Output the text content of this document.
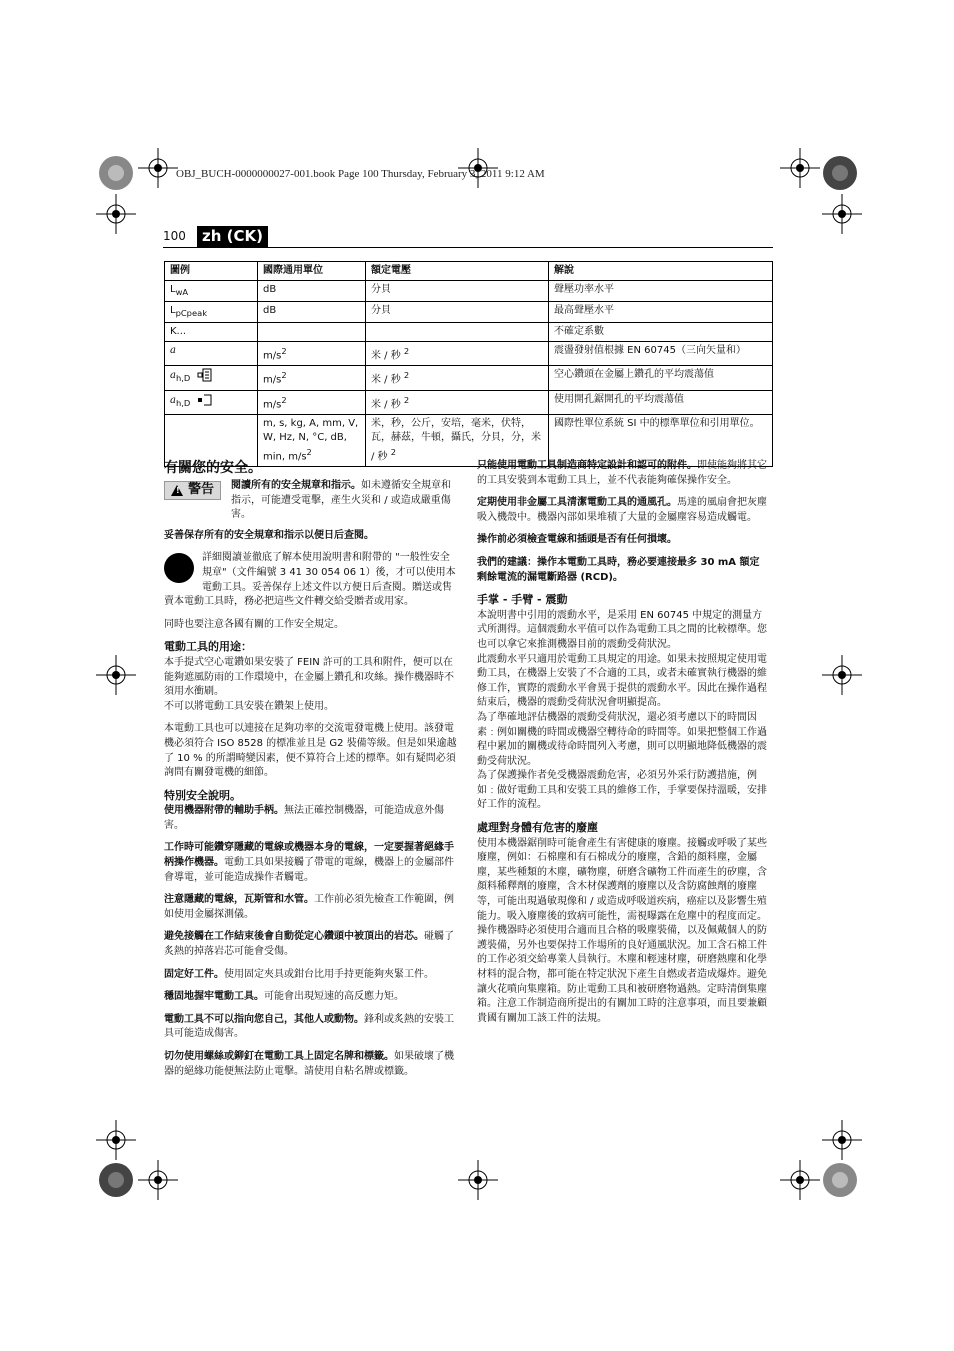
OBJ_BUCH-0000000027-001.book Page 100 Thursday, February 3, 2011 9:12 AM
100	zh (CK)
圖例	國際通用單位	額定電壓	解說
$L_{wA}$	dB	分貝	聲壓功率水平
$L_{pCpeak}$	dB	分貝	最高聲壓水平
K...			不確定系數
a	$m/s^2$	米 / 秒 $^2$	震盪發射值根據 EN 60745（三向矢量和）
$a_{h,D}$	$m/s^2$	米 / 秒 $^2$	空心鑽頭在金屬上鑽孔的平均震蕩值
$a_{h,D}$	$m/s^2$	米 / 秒 $^2$	使用開孔鋸開孔的平均震蕩值
	m, s, kg, A, mm, V, W, Hz, N, °C, dB, min, $m/s^2$	米，秒，公斤，安培，毫米，伏特，瓦，赫茲，牛頓，攝氏，分貝，分，米 / 秒 $^2$	國際性單位系統 SI 中的標準單位和引用單位。
有關您的安全。
! 警告 閱讀所有的安全規章和指示。如未遵循安全規章和指示，可能遭受電擊，產生火災和 / 或造成嚴重傷害。

妥善保存所有的安全規章和指示以便日后查閱。

詳細閱讀並徹底了解本使用說明書和附帶的 "一般性安全規章"（文件編號 3 41 30 054 06 1）後，才可以使用本電動工具。妥善保存上述文件以方便日后查閱。贈送或售賣本電動工具時，務必把這些文件轉交給受贈者或用家。

同時也要注意各國有關的工作安全規定。

電動工具的用途：

本手提式空心電鑽如果安裝了 FEIN 許可的工具和附件，便可以在能夠遮風防雨的工作環境中，在金屬上鑽孔和攻絲。操作機器時不須用水衝刷。

不可以將電動工具安裝在鑽架上使用。

本電動工具也可以連接在足夠功率的交流電發電機上使用。該發電機必須符合 ISO 8528 的標准並且是 G2 裝備等級。但是如果逾越了 10 % 的所謂畸變因素，便不算符合上述的標準。如有疑問必須詢問有關發電機的細節。

特別安全說明。

使用機器附帶的輔助手柄。無法正確控制機器，可能造成意外傷害。

工作時可能鑽穿隱藏的電線或機器本身的電線，一定要握著絕緣手柄操作機器。電動工具如果接觸了帶電的電線，機器上的金屬部件會導電，並可能造成操作者觸電。

注意隱藏的電線，瓦斯管和水管。工作前必須先檢查工作範圍，例如使用金屬探測儀。

避免接觸在工作結束後會自動從定心鑽頭中被頂出的岩芯。碰觸了炙熱的掉落岩芯可能會受傷。

固定好工件。使用固定夾具或鉗台比用手持更能夠夾緊工件。

穩固地握牢電動工具。可能會出現短速的高反應力矩。

電動工具不可以指向您自己，其他人或動物。鋒利或炙熱的安裝工具可能造成傷害。

切勿使用螺絲或鉚釘在電動工具上固定名牌和標籤。如果破壞了機器的絕緣功能便無法防止電擊。請使用自粘名牌或標籤。

只能使用電動工具制造商特定設計和認可的附件。即使能夠將其它的工具安裝到本電動工具上，並不代表能夠確保操作安全。

定期使用非金屬工具清潔電動工具的通風孔。馬達的風扇會把灰塵吸入機殼中。機器內部如果堆積了大量的金屬塵容易造成觸電。

操作前必須檢查電線和插頭是否有任何損壞。

我們的建議：操作本電動工具時，務必要連接最多 30 mA 額定剩餘電流的漏電斷路器 (RCD)。

手掌 - 手臂 - 震動

本說明書中引用的震動水平，是采用 EN 60745 中規定的測量方式所測得。這個震動水平值可以作為電動工具之間的比較標準。您也可以拿它來推測機器目前的震動受荷狀況。

此震動水平只適用於電動工具規定的用途。如果未按照規定使用電動工具，在機器上安裝了不合適的工具，或者未確實執行機器的維修工作，實際的震動水平會異于提供的震動水平。因此在操作過程結束后，機器的震動受荷狀況會明顯提高。

為了準確地評估機器的震動受荷狀況，還必須考慮以下的時間因素﹕例如關機的時間或機器空轉待命的時間等。如果把整個工作過程中累加的關機或待命時間列入考慮，則可以明顯地降低機器的震動受荷狀況。

為了保護操作者免受機器震動危害，必須另外采行防護措施，例如﹕做好電動工具和安裝工具的維修工作，手掌要保持溫暖，安排好工作的流程。

處理對身體有危害的廢塵

使用本機器鋸削時可能會產生有害健康的廢塵。接觸或呼吸了某些廢塵，例如：石棉塵和有石棉成分的廢塵，含鉛的顏料塵，金屬塵，某些種類的木塵，礦物塵，研磨含礦物工件而產生的矽塵，含顏料稀釋劑的廢塵，含木材保護劑的廢塵以及含防腐蝕劑的廢塵等，可能出現過敏現像和 / 或造成呼吸道疾病，癌症以及影響生殖能力。吸入廢塵後的致病可能性，需視曝露在危塵中的程度而定。操作機器時必須使用合適而且合格的吸塵裝備，以及佩戴個人的防護裝備，另外也要保持工作場所的良好通風狀況。加工含石棉工件的工作必須交給專業人員執行。木塵和輕速材塵，研磨熱塵和化學材料的混合物，都可能在特定狀況下產生自燃或者造成爆炸。避免讓火花噴向集塵箱。防止電動工具和被研磨物過熱。定時清倒集塵箱。注意工作制造商所提出的有關加工時的注意事項，而且要兼顧貴國有關加工該工件的法規。
